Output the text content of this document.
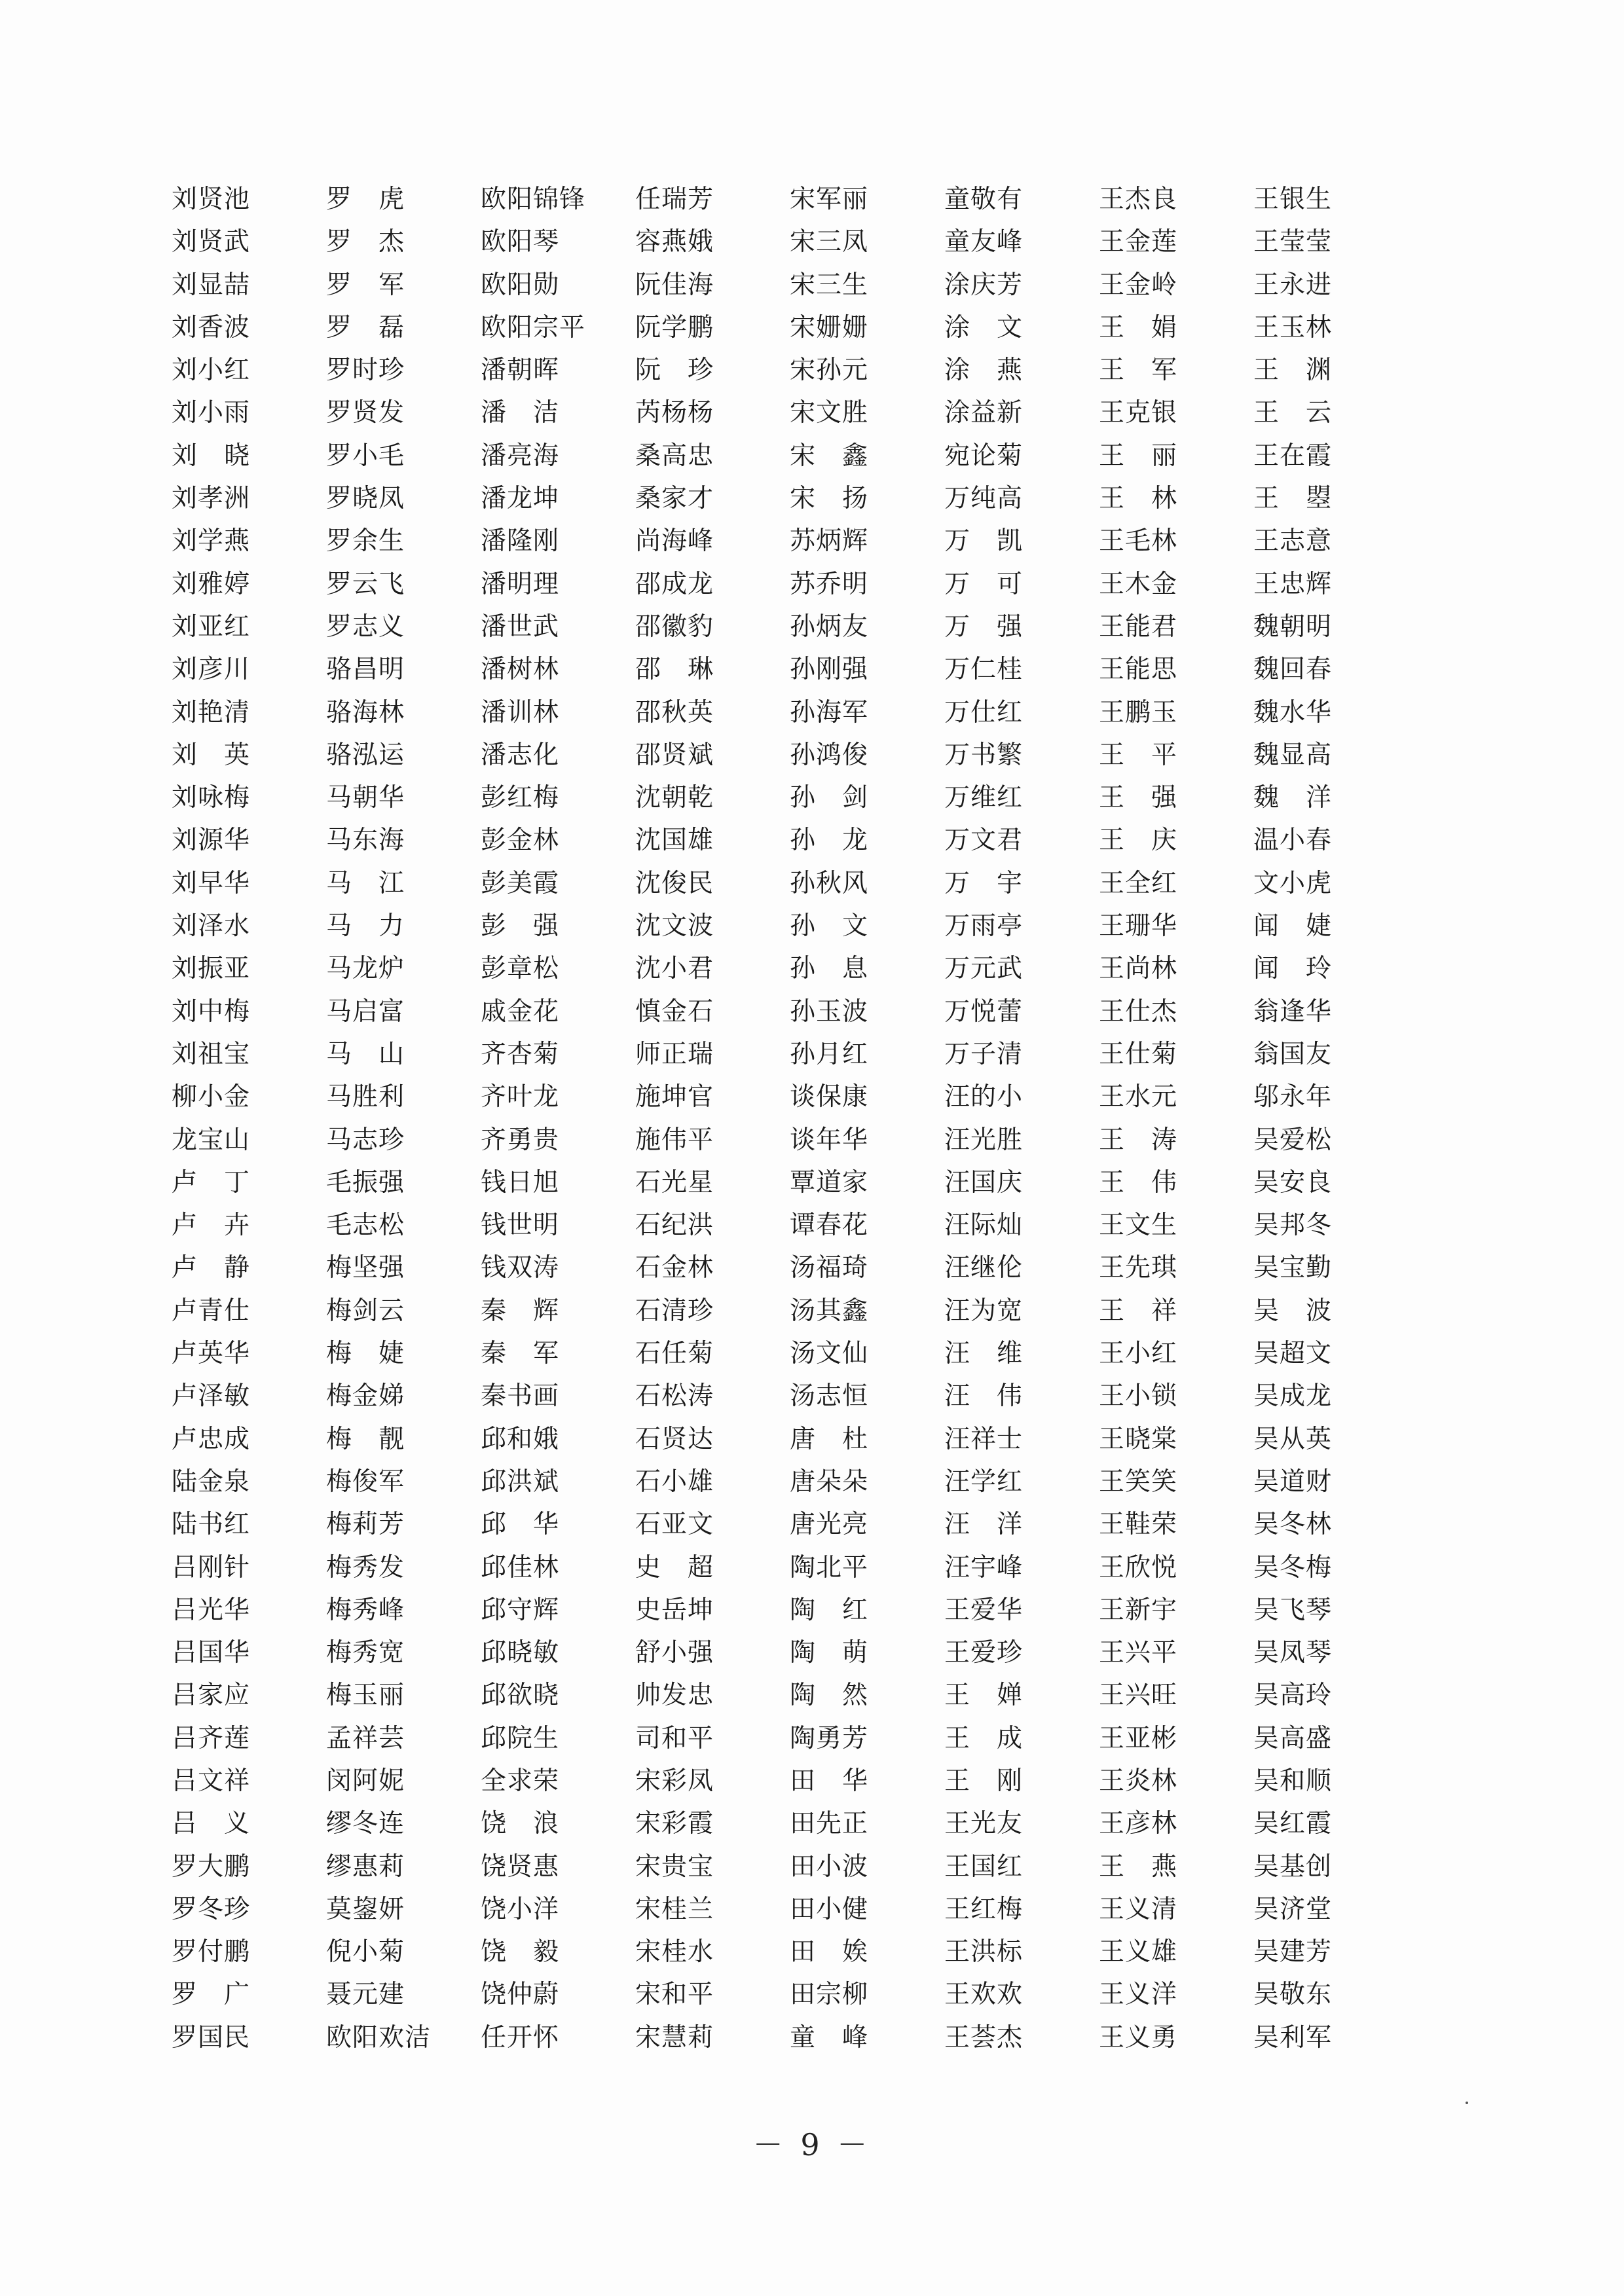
刘贤池
刘贤武
刘显喆
刘香波
刘小红
刘小雨
刘　晓
刘孝洲
刘学燕
刘雅婷
刘亚红
刘彦川
刘艳清
刘　英
刘咏梅
刘源华
刘早华
刘泽水
刘振亚
刘中梅
刘祖宝
柳小金
龙宝山
卢　丁
卢　卉
卢　静
卢青仕
卢英华
卢泽敏
卢忠成
陆金泉
陆书红
吕刚针
吕光华
吕国华
吕家应
吕齐莲
吕文祥
吕　义
罗大鹏
罗冬珍
罗付鹏
罗　广
罗国民
罗　虎
罗　杰
罗　军
罗　磊
罗时珍
罗贤发
罗小毛
罗晓凤
罗余生
罗云飞
罗志义
骆昌明
骆海林
骆泓运
马朝华
马东海
马　江
马　力
马龙炉
马启富
马　山
马胜利
马志珍
毛振强
毛志松
梅坚强
梅剑云
梅　婕
梅金娣
梅　靓
梅俊军
梅莉芳
梅秀发
梅秀峰
梅秀宽
梅玉丽
孟祥芸
闵阿妮
缪冬连
缪惠莉
莫鋆妍
倪小菊
聂元建
欧阳欢洁
欧阳锦锋
欧阳琴
欧阳勋
欧阳宗平
潘朝晖
潘　洁
潘亮海
潘龙坤
潘隆刚
潘明理
潘世武
潘树林
潘训林
潘志化
彭红梅
彭金林
彭美霞
彭　强
彭章松
戚金花
齐杏菊
齐叶龙
齐勇贵
钱日旭
钱世明
钱双涛
秦　辉
秦　军
秦书画
邱和娥
邱洪斌
邱　华
邱佳林
邱守辉
邱晓敏
邱欲晓
邱院生
全求荣
饶　浪
饶贤惠
饶小洋
饶　毅
饶仲蔚
任开怀
任瑞芳
容燕娥
阮佳海
阮学鹏
阮　珍
芮杨杨
桑高忠
桑家才
尚海峰
邵成龙
邵徽豹
邵　琳
邵秋英
邵贤斌
沈朝乾
沈国雄
沈俊民
沈文波
沈小君
慎金石
师正瑞
施坤官
施伟平
石光星
石纪洪
石金林
石清珍
石任菊
石松涛
石贤达
石小雄
石亚文
史　超
史岳坤
舒小强
帅发忠
司和平
宋彩凤
宋彩霞
宋贵宝
宋桂兰
宋桂水
宋和平
宋慧莉
宋军丽
宋三凤
宋三生
宋姗姗
宋孙元
宋文胜
宋　鑫
宋　扬
苏炳辉
苏乔明
孙炳友
孙刚强
孙海军
孙鸿俊
孙　剑
孙　龙
孙秋风
孙　文
孙　息
孙玉波
孙月红
谈保康
谈年华
覃道家
谭春花
汤福琦
汤其鑫
汤文仙
汤志恒
唐　杜
唐朵朵
唐光亮
陶北平
陶　红
陶　萌
陶　然
陶勇芳
田　华
田先正
田小波
田小健
田　娭
田宗柳
童　峰
童敬有
童友峰
涂庆芳
涂　文
涂　燕
涂益新
宛论菊
万纯高
万　凯
万　可
万　强
万仁桂
万仕红
万书繁
万维红
万文君
万　宇
万雨亭
万元武
万悦蕾
万子清
汪的小
汪光胜
汪国庆
汪际灿
汪继伦
汪为宽
汪　维
汪　伟
汪祥士
汪学红
汪　洋
汪宇峰
王爱华
王爱珍
王　婵
王　成
王　刚
王光友
王国红
王红梅
王洪标
王欢欢
王荟杰
王杰良
王金莲
王金岭
王　娟
王　军
王克银
王　丽
王　林
王毛林
王木金
王能君
王能思
王鹏玉
王　平
王　强
王　庆
王全红
王珊华
王尚林
王仕杰
王仕菊
王水元
王　涛
王　伟
王文生
王先琪
王　祥
王小红
王小锁
王晓棠
王笑笑
王鞋荣
王欣悦
王新宇
王兴平
王兴旺
王亚彬
王炎林
王彦林
王　燕
王义清
王义雄
王义洋
王义勇
王银生
王莹莹
王永进
王玉林
王　渊
王　云
王在霞
王　曌
王志意
王忠辉
魏朝明
魏回春
魏水华
魏显高
魏　洋
温小春
文小虎
闻　婕
闻　玲
翁逢华
翁国友
邬永年
吴爱松
吴安良
吴邦冬
吴宝勤
吴　波
吴超文
吴成龙
吴从英
吴道财
吴冬林
吴冬梅
吴飞琴
吴凤琴
吴高玲
吴高盛
吴和顺
吴红霞
吴基创
吴济堂
吴建芳
吴敬东
吴利军
－ 9 －
